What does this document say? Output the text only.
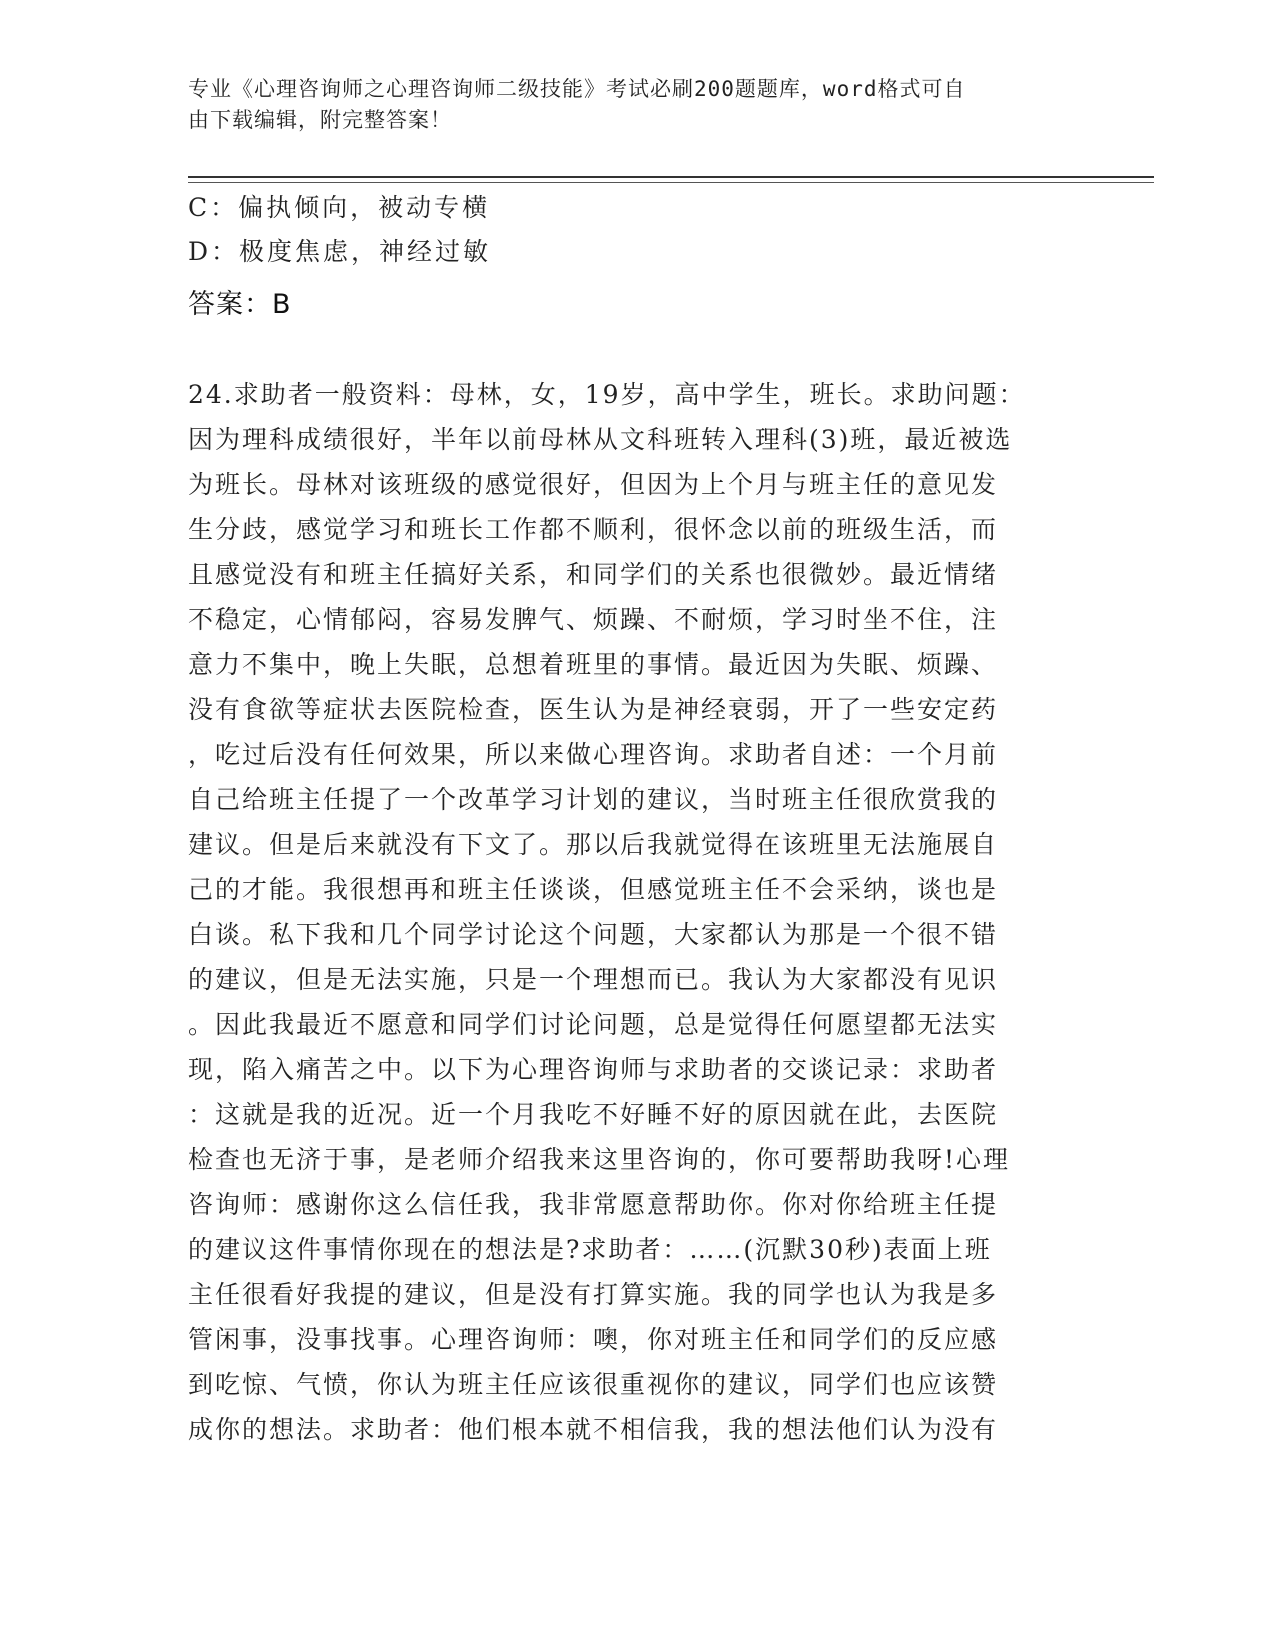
专业《心理咨询师之心理咨询师二级技能》考试必刷200题题库，word格式可自
由下载编辑，附完整答案！
C：偏执倾向，被动专横
D：极度焦虑，神经过敏
答案：B
24.求助者一般资料：母林，女，19岁，高中学生，班长。求助问题：
因为理科成绩很好，半年以前母林从文科班转入理科(3)班，最近被选
为班长。母林对该班级的感觉很好，但因为上个月与班主任的意见发
生分歧，感觉学习和班长工作都不顺利，很怀念以前的班级生活，而
且感觉没有和班主任搞好关系，和同学们的关系也很微妙。最近情绪
不稳定，心情郁闷，容易发脾气、烦躁、不耐烦，学习时坐不住，注
意力不集中，晚上失眠，总想着班里的事情。最近因为失眠、烦躁、
没有食欲等症状去医院检查，医生认为是神经衰弱，开了一些安定药
，吃过后没有任何效果，所以来做心理咨询。求助者自述：一个月前
自己给班主任提了一个改革学习计划的建议，当时班主任很欣赏我的
建议。但是后来就没有下文了。那以后我就觉得在该班里无法施展自
己的才能。我很想再和班主任谈谈，但感觉班主任不会采纳，谈也是
白谈。私下我和几个同学讨论这个问题，大家都认为那是一个很不错
的建议，但是无法实施，只是一个理想而已。我认为大家都没有见识
。因此我最近不愿意和同学们讨论问题，总是觉得任何愿望都无法实
现，陷入痛苦之中。以下为心理咨询师与求助者的交谈记录：求助者
：这就是我的近况。近一个月我吃不好睡不好的原因就在此，去医院
检查也无济于事，是老师介绍我来这里咨询的，你可要帮助我呀!心理
咨询师：感谢你这么信任我，我非常愿意帮助你。你对你给班主任提
的建议这件事情你现在的想法是?求助者：……(沉默30秒)表面上班
主任很看好我提的建议，但是没有打算实施。我的同学也认为我是多
管闲事，没事找事。心理咨询师：噢，你对班主任和同学们的反应感
到吃惊、气愤，你认为班主任应该很重视你的建议，同学们也应该赞
成你的想法。求助者：他们根本就不相信我，我的想法他们认为没有
